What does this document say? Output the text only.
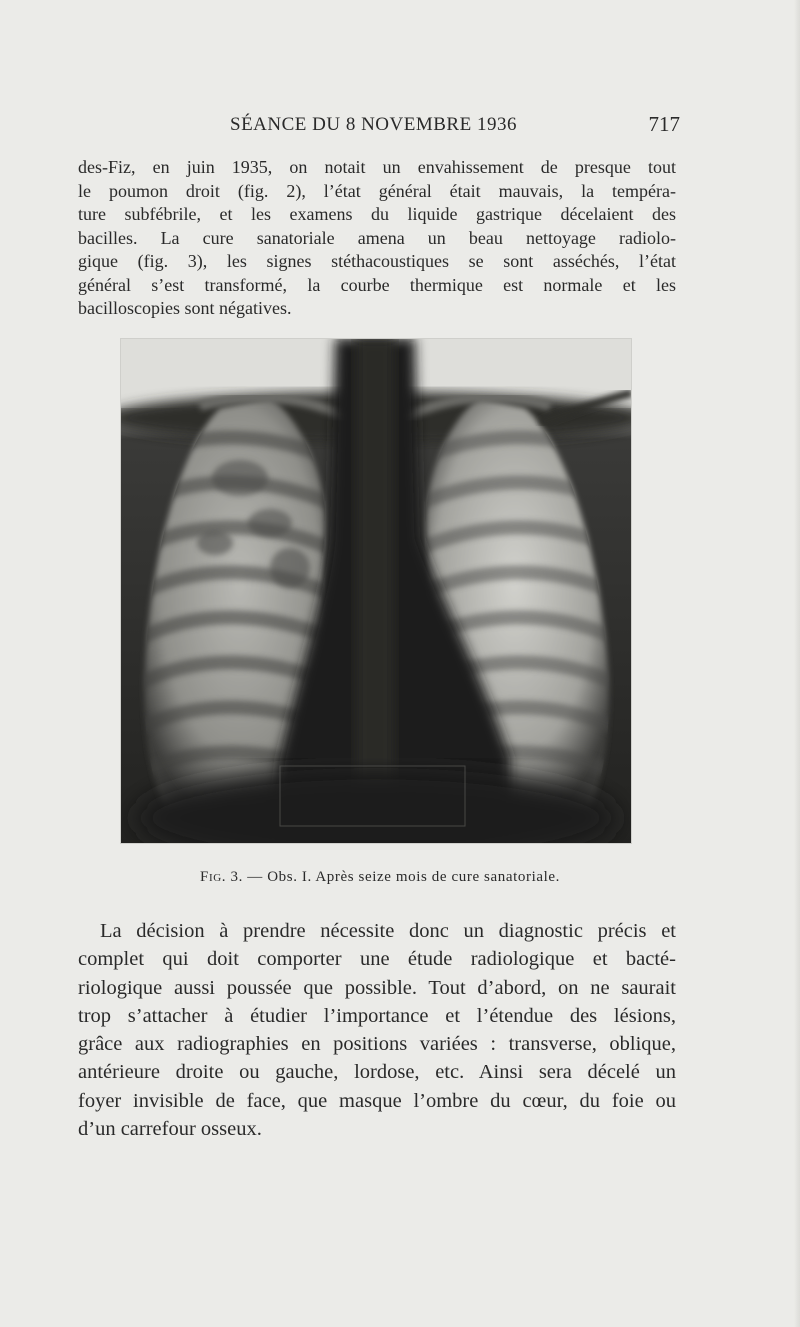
SÉANCE DU 8 NOVEMBRE 1936	717
des-Fiz, en juin 1935, on notait un envahissement de presque tout
le poumon droit (fig. 2), l’état général était mauvais, la tempéra-
ture subfébrile, et les examens du liquide gastrique décelaient des
bacilles. La cure sanatoriale amena un beau nettoyage radiolo-
gique (fig. 3), les signes stéthacoustiques se sont asséchés, l’état
général s’est transformé, la courbe thermique est normale et les
bacilloscopies sont négatives.
Fig. 3. — Obs. I. Après seize mois de cure sanatoriale.
La décision à prendre nécessite donc un diagnostic précis et
complet qui doit comporter une étude radiologique et bacté-
riologique aussi poussée que possible. Tout d’abord, on ne saurait
trop s’attacher à étudier l’importance et l’étendue des lésions,
grâce aux radiographies en positions variées : transverse, oblique,
antérieure droite ou gauche, lordose, etc. Ainsi sera décelé un
foyer invisible de face, que masque l’ombre du cœur, du foie ou
d’un carrefour osseux.
